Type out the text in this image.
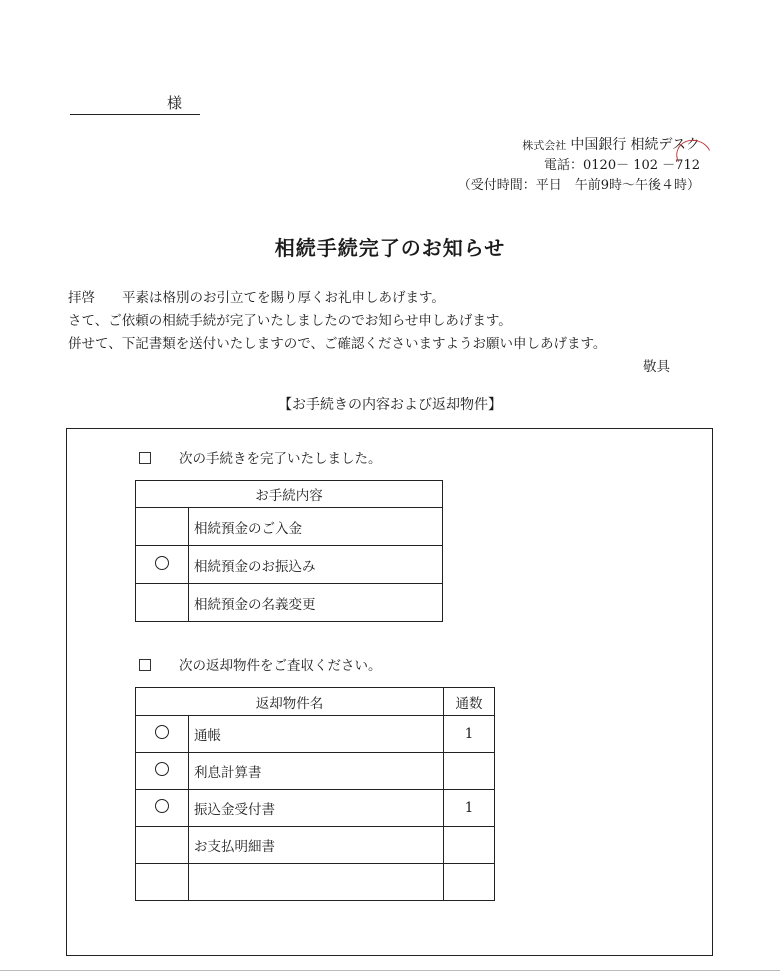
様
株式会社 中国銀行 相続デスク
電話：0120－ 102 －712
（受付時間：平日　午前9時～午後４時）
相続手続完了のお知らせ

拝啓　　平素は格別のお引立てを賜り厚くお礼申しあげます。

さて、ご依頼の相続手続が完了いたしましたのでお知らせ申しあげます。

併せて、下記書類を送付いたしますので、ご確認くださいますようお願い申しあげます。

敬具

【お手続きの内容および返却物件】
次の手続きを完了いたしました。
お手続内容	
	相続預金のご入金
	相続預金のお振込み
	相続預金の名義変更
次の返却物件をご査収ください。
返却物件名		通数
	通帳	1
	利息計算書	
	振込金受付書	1
	お支払明細書	
